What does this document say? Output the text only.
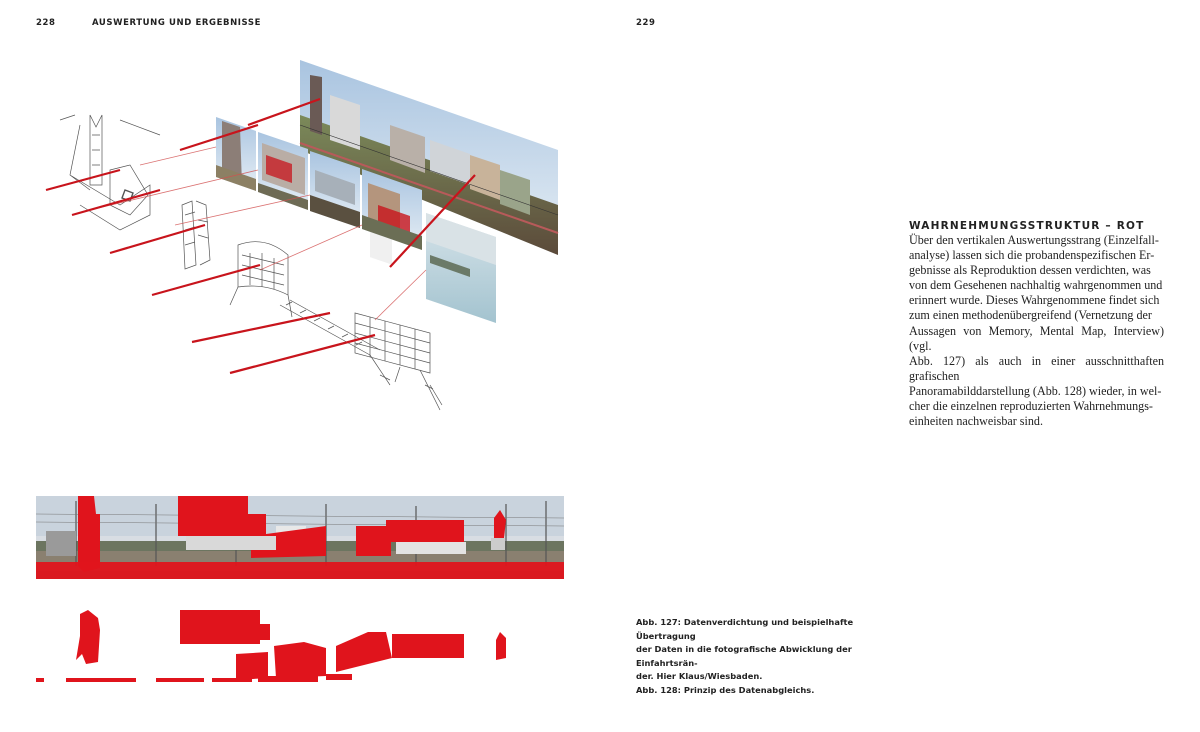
228	AUSWERTUNG UND ERGEBNISSE	229
WAHRNEHMUNGSSTRUKTUR – ROT

Über den vertikalen Auswertungsstrang (Einzelfall-

analyse) lassen sich die probandenspezifischen Er-

gebnisse als Reproduktion dessen verdichten, was

von dem Gesehenen nachhaltig wahrgenommen und

erinnert wurde. Dieses Wahrgenommene findet sich

zum einen methodenübergreifend (Vernetzung der

Aussagen von Memory, Mental Map, Interview) (vgl.

Abb. 127) als auch in einer ausschnitthaften grafischen

Panoramabilddarstellung (Abb. 128) wieder, in wel-

cher die einzelnen reproduzierten Wahrnehmungs-

einheiten nachweisbar sind.

Abb. 127: Datenverdichtung und beispielhafte Übertragung
der Daten in die fotografische Abwicklung der Einfahrtsrän-
der. Hier Klaus/Wiesbaden.
Abb. 128: Prinzip des Datenabgleichs.
